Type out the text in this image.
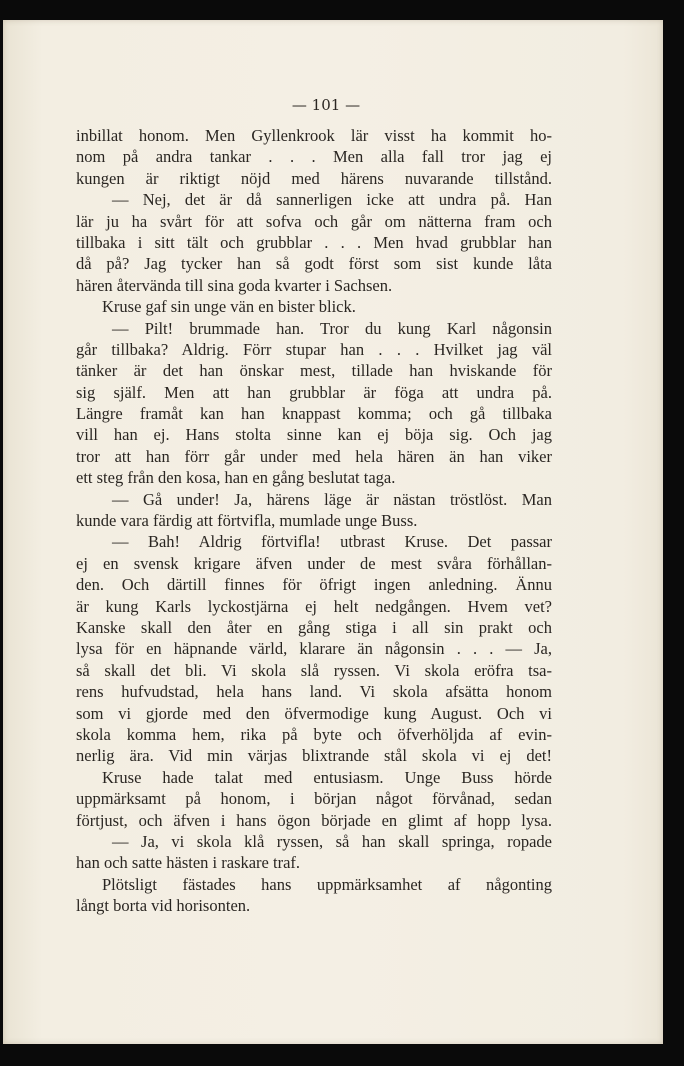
— 101 —
inbillat honom. Men Gyllenkrook lär visst ha kommit ho-
nom på andra tankar . . . Men alla fall tror jag ej
kungen är riktigt nöjd med härens nuvarande tillstånd.
— Nej, det är då sannerligen icke att undra på. Han
lär ju ha svårt för att sofva och går om nätterna fram och
tillbaka i sitt tält och grubblar . . . Men hvad grubblar han
då på? Jag tycker han så godt först som sist kunde låta
hären återvända till sina goda kvarter i Sachsen.
Kruse gaf sin unge vän en bister blick.
— Pilt! brummade han. Tror du kung Karl någonsin
går tillbaka? Aldrig. Förr stupar han . . . Hvilket jag väl
tänker är det han önskar mest, tillade han hviskande för
sig själf. Men att han grubblar är föga att undra på.
Längre framåt kan han knappast komma; och gå tillbaka
vill han ej. Hans stolta sinne kan ej böja sig. Och jag
tror att han förr går under med hela hären än han viker
ett steg från den kosa, han en gång beslutat taga.
— Gå under! Ja, härens läge är nästan tröstlöst. Man
kunde vara färdig att förtvifla, mumlade unge Buss.
— Bah! Aldrig förtvifla! utbrast Kruse. Det passar
ej en svensk krigare äfven under de mest svåra förhållan-
den. Och därtill finnes för öfrigt ingen anledning. Ännu
är kung Karls lyckostjärna ej helt nedgången. Hvem vet?
Kanske skall den åter en gång stiga i all sin prakt och
lysa för en häpnande värld, klarare än någonsin . . . — Ja,
så skall det bli. Vi skola slå ryssen. Vi skola eröfra tsa-
rens hufvudstad, hela hans land. Vi skola afsätta honom
som vi gjorde med den öfvermodige kung August. Och vi
skola komma hem, rika på byte och öfverhöljda af evin-
nerlig ära. Vid min värjas blixtrande stål skola vi ej det!
Kruse hade talat med entusiasm. Unge Buss hörde
uppmärksamt på honom, i början något förvånad, sedan
förtjust, och äfven i hans ögon började en glimt af hopp lysa.
— Ja, vi skola klå ryssen, så han skall springa, ropade
han och satte hästen i raskare traf.
Plötsligt fästades hans uppmärksamhet af någonting
långt borta vid horisonten.
